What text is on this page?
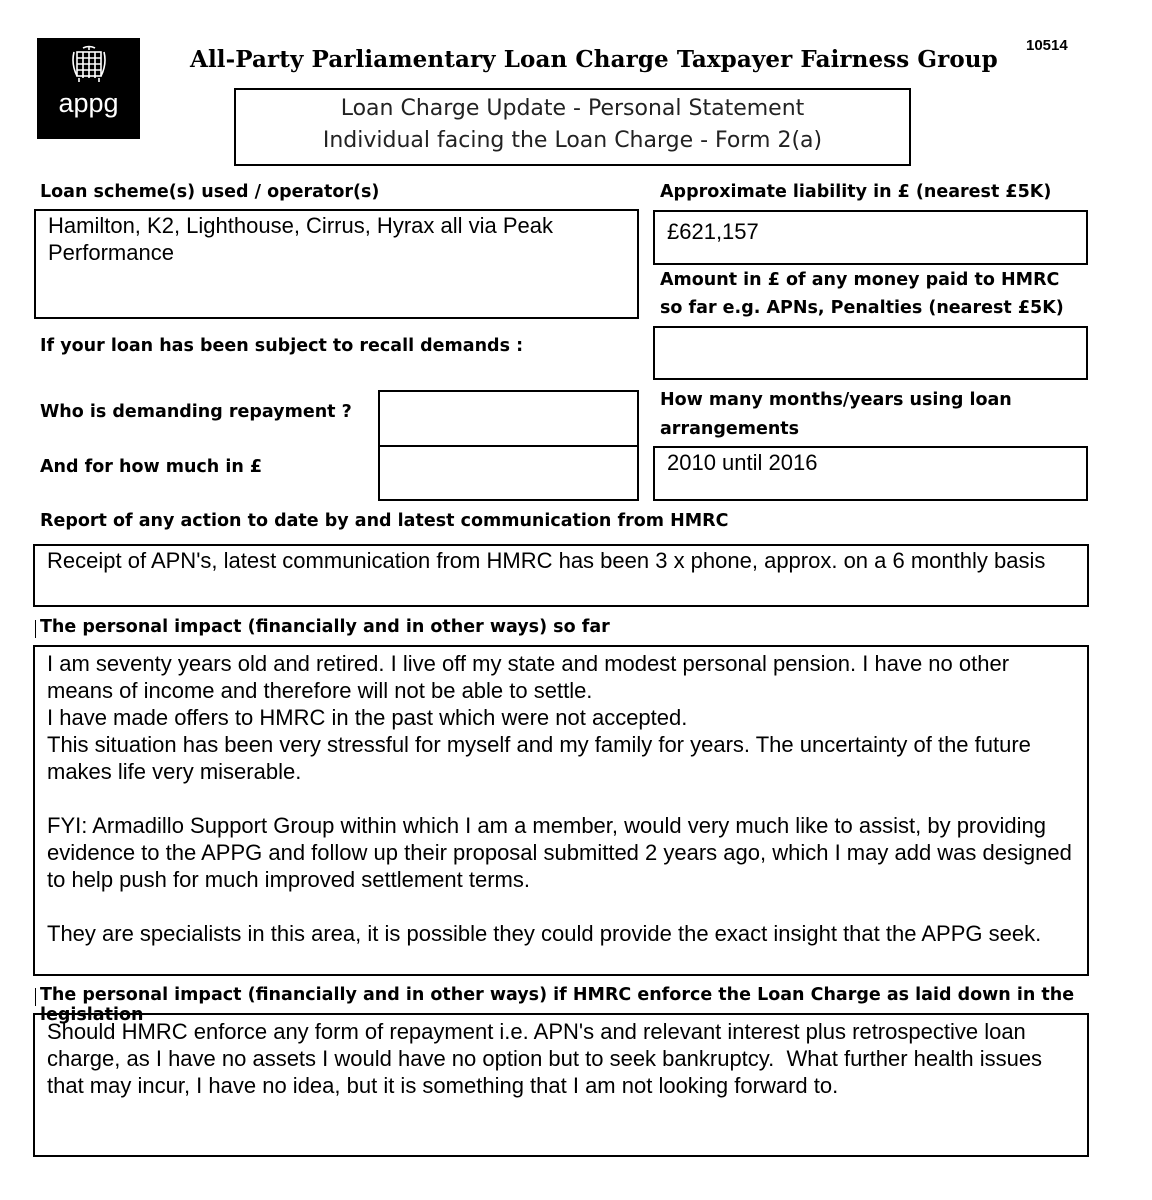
appg
All-Party Parliamentary Loan Charge Taxpayer Fairness Group
10514
Loan Charge Update - Personal Statement
Individual facing the Loan Charge - Form 2(a)
Loan scheme(s) used / operator(s)
Hamilton, K2, Lighthouse, Cirrus, Hyrax all via Peak Performance
Approximate liability in £ (nearest £5K)
£621,157
Amount in £ of any money paid to HMRC
so far e.g. APNs, Penalties (nearest £5K)
If your loan has been subject to recall demands :
Who is demanding repayment ?
And for how much in £
How many months/years using loan
arrangements
2010 until 2016
Report of any action to date by and latest communication from HMRC
Receipt of APN's, latest communication from HMRC has been 3 x phone, approx. on a 6 monthly basis
The personal impact (financially and in other ways) so far
I am seventy years old and retired. I live off my state and modest personal pension. I have no other means of income and therefore will not be able to settle.
I have made offers to HMRC in the past which were not accepted.
This situation has been very stressful for myself and my family for years. The uncertainty of the future makes life very miserable.

FYI: Armadillo Support Group within which I am a member, would very much like to assist, by providing evidence to the APPG and follow up their proposal submitted 2 years ago, which I may add was designed to help push for much improved settlement terms.

They are specialists in this area, it is possible they could provide the exact insight that the APPG seek.
The personal impact (financially and in other ways) if HMRC enforce the Loan Charge as laid down in the legislation
Should HMRC enforce any form of repayment i.e. APN's and relevant interest plus retrospective loan charge, as I have no assets I would have no option but to seek bankruptcy.  What further health issues that may incur, I have no idea, but it is something that I am not looking forward to.
